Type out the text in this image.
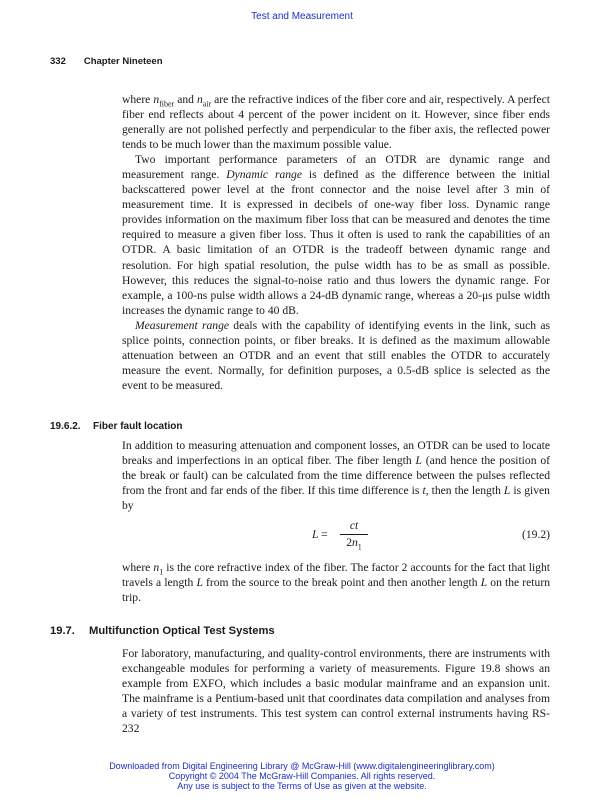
Test and Measurement
332 Chapter Nineteen

where $n_{fiber}$ and $n_{air}$ are the refractive indices of the fiber core and air, respectively. A perfect fiber end reflects about 4 percent of the power incident on it. However, since fiber ends generally are not polished perfectly and perpendicular to the fiber axis, the reflected power tends to be much lower than the maximum possible value.

Two important performance parameters of an OTDR are dynamic range and measurement range. Dynamic range is defined as the difference between the initial backscattered power level at the front connector and the noise level after 3 min of measurement time. It is expressed in decibels of one-way fiber loss. Dynamic range provides information on the maximum fiber loss that can be measured and denotes the time required to measure a given fiber loss. Thus it often is used to rank the capabilities of an OTDR. A basic limitation of an OTDR is the tradeoff between dynamic range and resolution. For high spatial resolution, the pulse width has to be as small as possible. However, this reduces the signal-to-noise ratio and thus lowers the dynamic range. For example, a 100-ns pulse width allows a 24-dB dynamic range, whereas a 20-μs pulse width increases the dynamic range to 40 dB.

Measurement range deals with the capability of identifying events in the link, such as splice points, connection points, or fiber breaks. It is defined as the maximum allowable attenuation between an OTDR and an event that still enables the OTDR to accurately measure the event. Normally, for definition purposes, a 0.5-dB splice is selected as the event to be measured.

19.6.2. Fiber fault location

In addition to measuring attenuation and component losses, an OTDR can be used to locate breaks and imperfections in an optical fiber. The fiber length L (and hence the position of the break or fault) can be calculated from the time difference between the pulses reflected from the front and far ends of the fiber. If this time difference is t, then the length L is given by

$L = \frac{ct}{2n_1}$	(19.2)

where $n_1$ is the core refractive index of the fiber. The factor 2 accounts for the fact that light travels a length L from the source to the break point and then another length L on the return trip.

19.7. Multifunction Optical Test Systems

For laboratory, manufacturing, and quality-control environments, there are instruments with exchangeable modules for performing a variety of measurements. Figure 19.8 shows an example from EXFO, which includes a basic modular mainframe and an expansion unit. The mainframe is a Pentium-based unit that coordinates data compilation and analyses from a variety of test instruments. This test system can control external instruments having RS-232

Downloaded from Digital Engineering Library @ McGraw-Hill (www.digitalengineeringlibrary.com)
Copyright © 2004 The McGraw-Hill Companies. All rights reserved.
Any use is subject to the Terms of Use as given at the website.
